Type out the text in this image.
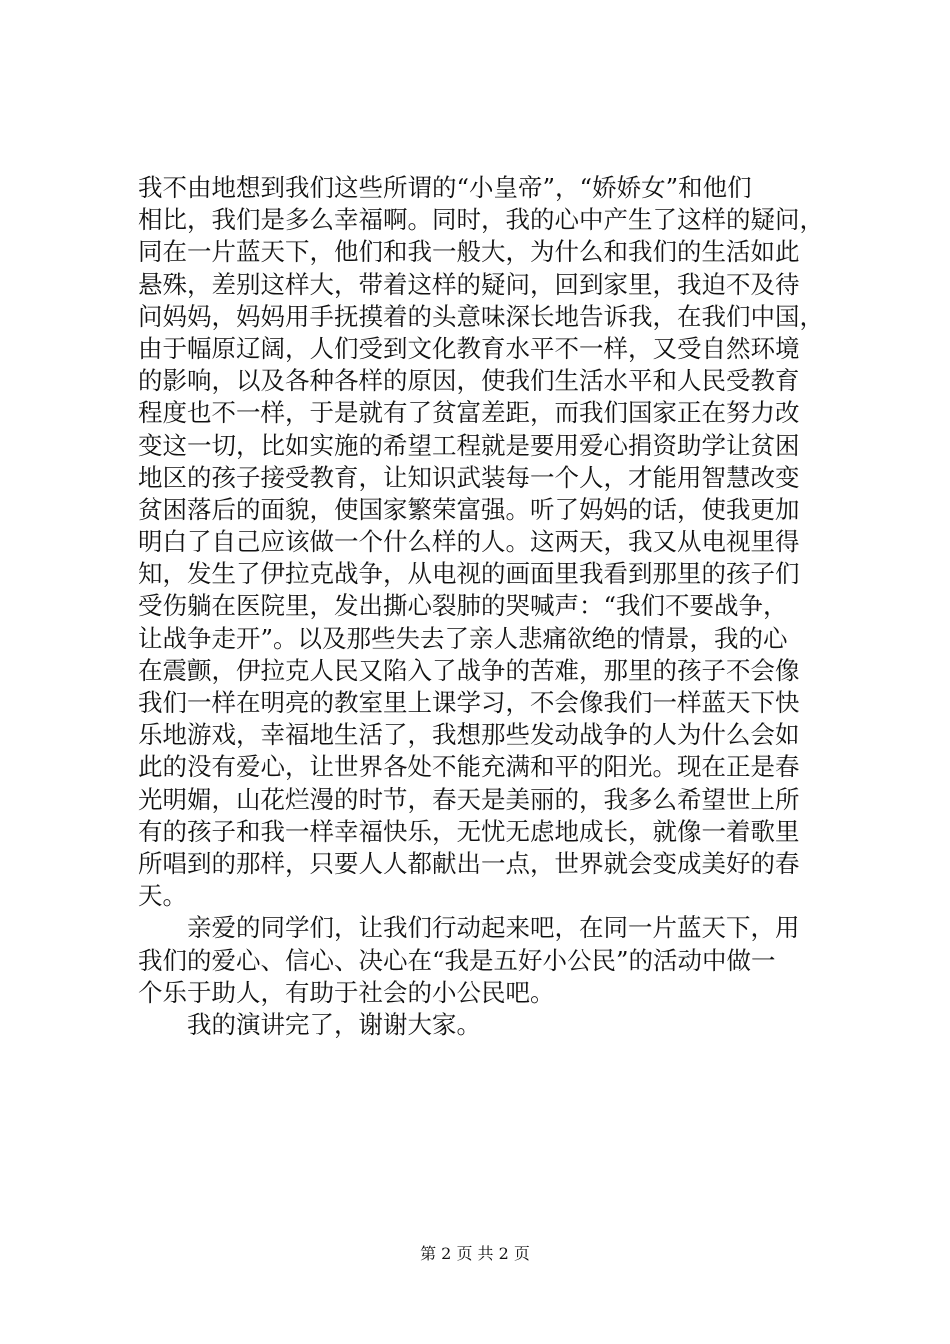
我不由地想到我们这些所谓的“小皇帝”，“娇娇女”和他们
相比，我们是多么幸福啊。同时，我的心中产生了这样的疑问，
同在一片蓝天下，他们和我一般大，为什么和我们的生活如此
悬殊，差别这样大，带着这样的疑问，回到家里，我迫不及待
问妈妈，妈妈用手抚摸着的头意味深长地告诉我，在我们中国，
由于幅原辽阔，人们受到文化教育水平不一样，又受自然环境
的影响，以及各种各样的原因，使我们生活水平和人民受教育
程度也不一样，于是就有了贫富差距，而我们国家正在努力改
变这一切，比如实施的希望工程就是要用爱心捐资助学让贫困
地区的孩子接受教育，让知识武装每一个人，才能用智慧改变
贫困落后的面貌，使国家繁荣富强。听了妈妈的话，使我更加
明白了自己应该做一个什么样的人。这两天，我又从电视里得
知，发生了伊拉克战争，从电视的画面里我看到那里的孩子们
受伤躺在医院里，发出撕心裂肺的哭喊声：“我们不要战争，
让战争走开”。以及那些失去了亲人悲痛欲绝的情景，我的心
在震颤，伊拉克人民又陷入了战争的苦难，那里的孩子不会像
我们一样在明亮的教室里上课学习，不会像我们一样蓝天下快
乐地游戏，幸福地生活了，我想那些发动战争的人为什么会如
此的没有爱心，让世界各处不能充满和平的阳光。现在正是春
光明媚，山花烂漫的时节，春天是美丽的，我多么希望世上所
有的孩子和我一样幸福快乐，无忧无虑地成长，就像一着歌里
所唱到的那样，只要人人都献出一点，世界就会变成美好的春
天。
　　亲爱的同学们，让我们行动起来吧，在同一片蓝天下，用
我们的爱心、信心、决心在“我是五好小公民”的活动中做一
个乐于助人，有助于社会的小公民吧。
　　我的演讲完了，谢谢大家。
第 2 页 共 2 页
